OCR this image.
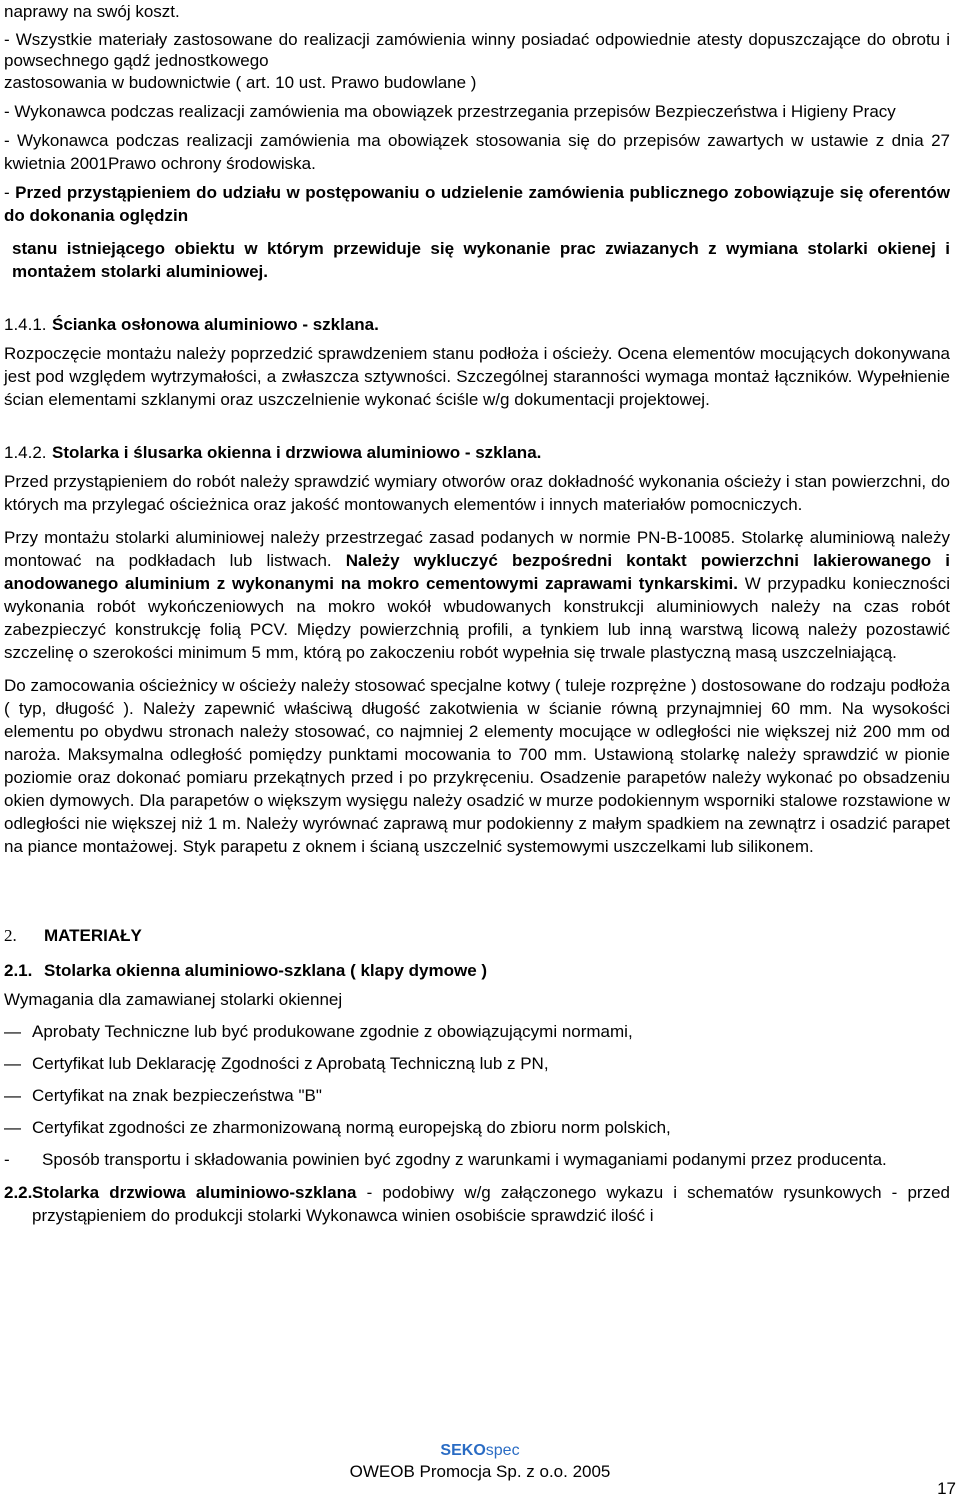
naprawy na swój koszt.

- Wszystkie materiały zastosowane do realizacji zamówienia winny posiadać odpowiednie atesty dopuszczające do obrotu i powsechnego gądź jednostkowego

zastosowania w budownictwie ( art. 10 ust. Prawo budowlane )

- Wykonawca podczas realizacji zamówienia ma obowiązek przestrzegania przepisów Bezpieczeństwa i Higieny Pracy

- Wykonawca podczas realizacji zamówienia ma obowiązek stosowania się do przepisów zawartych w ustawie z dnia 27 kwietnia 2001Prawo ochrony środowiska.

- Przed przystąpieniem do udziału w postępowaniu o udzielenie zamówienia publicznego zobowiązuje się oferentów do dokonania oględzin

stanu istniejącego obiektu w którym przewiduje się wykonanie prac zwiazanych z wymiana stolarki okienej i montażem stolarki aluminiowej.

1.4.1. Ścianka osłonowa aluminiowo - szklana.

Rozpoczęcie montażu należy poprzedzić sprawdzeniem stanu podłoża i ościeży. Ocena elementów mocujących dokonywana jest pod względem wytrzymałości, a zwłaszcza sztywności. Szczególnej staranności wymaga montaż łączników. Wypełnienie ścian elementami szklanymi oraz uszczelnienie wykonać ściśle w/g dokumentacji projektowej.

1.4.2. Stolarka i ślusarka okienna i drzwiowa aluminiowo - szklana.

Przed przystąpieniem do robót należy sprawdzić wymiary otworów oraz dokładność wykonania ościeży i stan powierzchni, do których ma przylegać ościeżnica oraz jakość montowanych elementów i innych materiałów pomocniczych.

Przy montażu stolarki aluminiowej należy przestrzegać zasad podanych w normie PN-B-10085. Stolarkę aluminiową należy montować na podkładach lub listwach. Należy wykluczyć bezpośredni kontakt powierzchni lakierowanego i anodowanego aluminium z wykonanymi na mokro cementowymi zaprawami tynkarskimi. W przypadku konieczności wykonania robót wykończeniowych na mokro wokół wbudowanych konstrukcji aluminiowych należy na czas robót zabezpieczyć konstrukcję folią PCV. Między powierzchnią profili, a tynkiem lub inną warstwą licową należy pozostawić szczelinę o szerokości minimum 5 mm, którą po zakoczeniu robót wypełnia się trwale plastyczną masą uszczelniającą.

Do zamocowania ościeżnicy w ościeży należy stosować specjalne kotwy ( tuleje rozprężne ) dostosowane do rodzaju podłoża ( typ, długość ). Należy zapewnić właściwą długość zakotwienia w ścianie równą przynajmniej 60 mm. Na wysokości elementu po obydwu stronach należy stosować, co najmniej 2 elementy mocujące w odległości nie większej niż 200 mm od naroża. Maksymalna odległość pomiędzy punktami mocowania to 700 mm. Ustawioną stolarkę należy sprawdzić w pionie poziomie oraz dokonać pomiaru przekątnych przed i po przykręceniu. Osadzenie parapetów należy wykonać po obsadzeniu okien dymowych. Dla parapetów o większym wysięgu należy osadzić w murze podokiennym wsporniki stalowe rozstawione w odległości nie większej niż 1 m. Należy wyrównać zaprawą mur podokienny z małym spadkiem na zewnątrz i osadzić parapet na piance montażowej. Styk parapetu z oknem i ścianą uszczelnić systemowymi uszczelkami lub silikonem.

2. MATERIAŁY
2.1. Stolarka okienna aluminiowo-szklana ( klapy dymowe )

Wymagania dla zamawianej stolarki okiennej

— Aprobaty Techniczne lub być produkowane zgodnie z obowiązującymi normami,
— Certyfikat lub Deklarację Zgodności z Aprobatą Techniczną lub z PN,
— Certyfikat na znak bezpieczeństwa "B"
— Certyfikat zgodności ze zharmonizowaną normą europejską do zbioru norm polskich,
- Sposób transportu i składowania powinien być zgodny z warunkami i wymaganiami podanymi przez producenta.

2.2.Stolarka drzwiowa aluminiowo-szklana - podobiwy w/g załączonego wykazu i schematów rysunkowych - przed przystąpieniem do produkcji stolarki Wykonawca winien osobiście sprawdzić ilość i

SEKOspec
OWEOB Promocja Sp. z o.o. 2005
17
